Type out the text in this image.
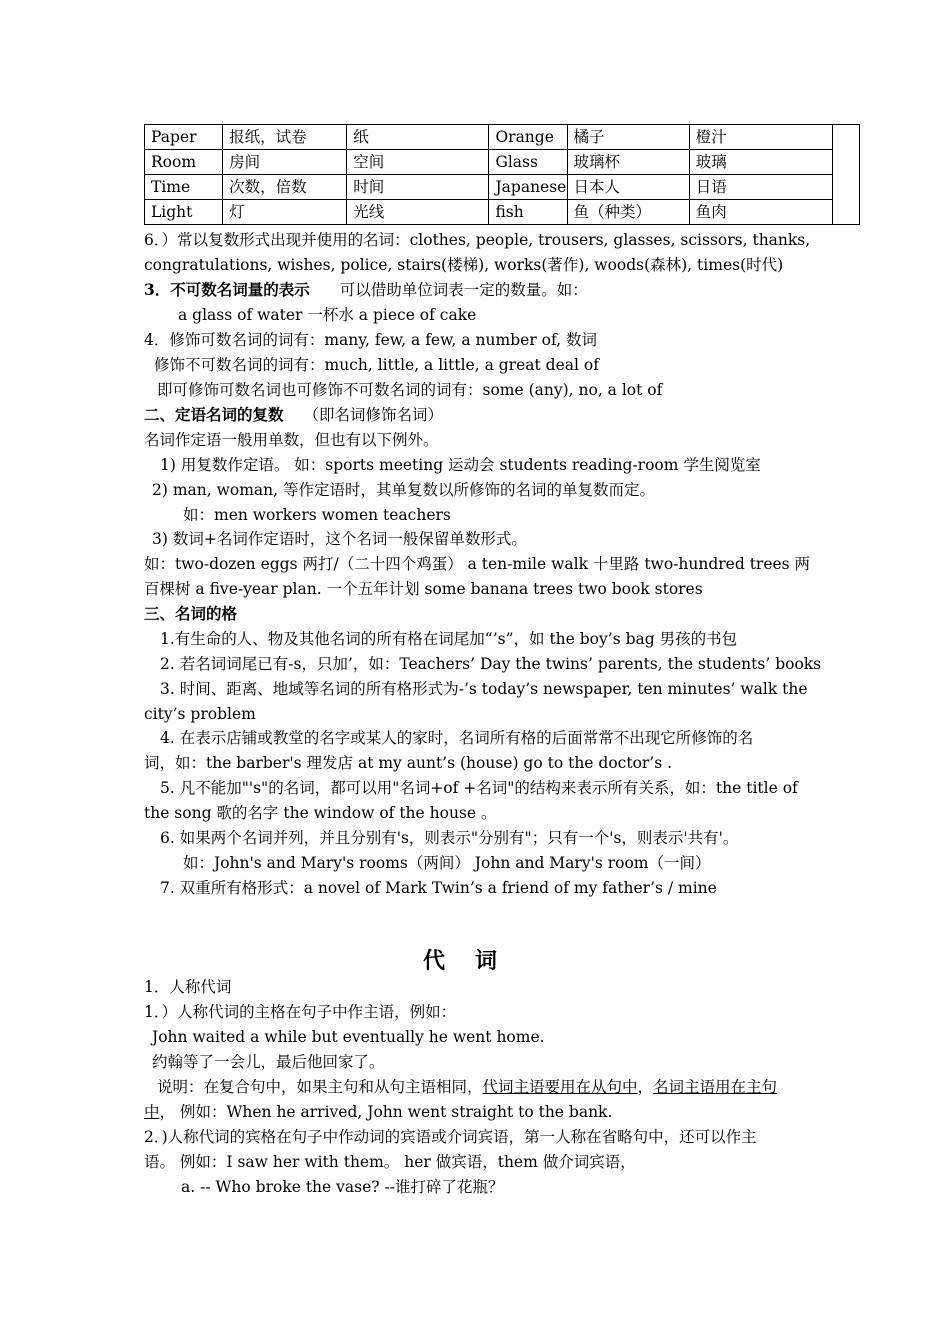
Paper	报纸，试卷	纸	Orange	橘子	橙汁	
Room	房间	空间	Glass	玻璃杯	玻璃	
Time	次数，倍数	时间	Japanese	日本人	日语	
Light	灯	光线	fish	鱼（种类）	鱼肉	
6．）常以复数形式出现并使用的名词：clothes, people, trousers, glasses, scissors, thanks,
congratulations, wishes, police, stairs(楼梯), works(著作), woods(森林), times(时代)
3．不可数名词量的表示 可以借助单位词表一定的数量。如：
a glass of water 一杯水 a piece of cake
4．修饰可数名词的词有：many, few, a few, a number of, 数词
修饰不可数名词的词有：much, little, a little, a great deal of
即可修饰可数名词也可修饰不可数名词的词有：some (any), no, a lot of
二、定语名词的复数 （即名词修饰名词）
名词作定语一般用单数，但也有以下例外。
1) 用复数作定语。 如：sports meeting 运动会 students reading-room 学生阅览室
2) man, woman, 等作定语时，其单复数以所修饰的名词的单复数而定。
如：men workers women teachers
3) 数词+名词作定语时，这个名词一般保留单数形式。
如：two-dozen eggs 两打/（二十四个鸡蛋） a ten-mile walk 十里路 two-hundred trees 两
百棵树 a five-year plan. 一个五年计划 some banana trees two book stores
三、名词的格
1.有生命的人、物及其他名词的所有格在词尾加“’s”，如 the boy’s bag 男孩的书包
2. 若名词词尾已有-s，只加’，如：Teachers’ Day the twins’ parents, the students’ books
3. 时间、距离、地域等名词的所有格形式为-’s today’s newspaper, ten minutes’ walk the
city’s problem
4. 在表示店铺或教堂的名字或某人的家时，名词所有格的后面常常不出现它所修饰的名
词，如：the barber's 理发店 at my aunt’s (house) go to the doctor’s .
5. 凡不能加"'s"的名词，都可以用"名词+of +名词"的结构来表示所有关系，如：the title of
the song 歌的名字 the window of the house 。
6. 如果两个名词并列，并且分别有's，则表示"分别有"；只有一个's，则表示'共有'。
如：John's and Mary's rooms（两间） John and Mary's room（一间）
7. 双重所有格形式：a novel of Mark Twin’s a friend of my father’s / mine
代词
1．人称代词
1．）人称代词的主格在句子中作主语，例如：
John waited a while but eventually he went home.
约翰等了一会儿，最后他回家了。
说明：在复合句中，如果主句和从句主语相同，代词主语要用在从句中，名词主语用在主句
中， 例如：When he arrived, John went straight to the bank.
2．)人称代词的宾格在句子中作动词的宾语或介词宾语，第一人称在省略句中，还可以作主
语。 例如：I saw her with them。 her 做宾语，them 做介词宾语，
a. -- Who broke the vase? --谁打碎了花瓶？
